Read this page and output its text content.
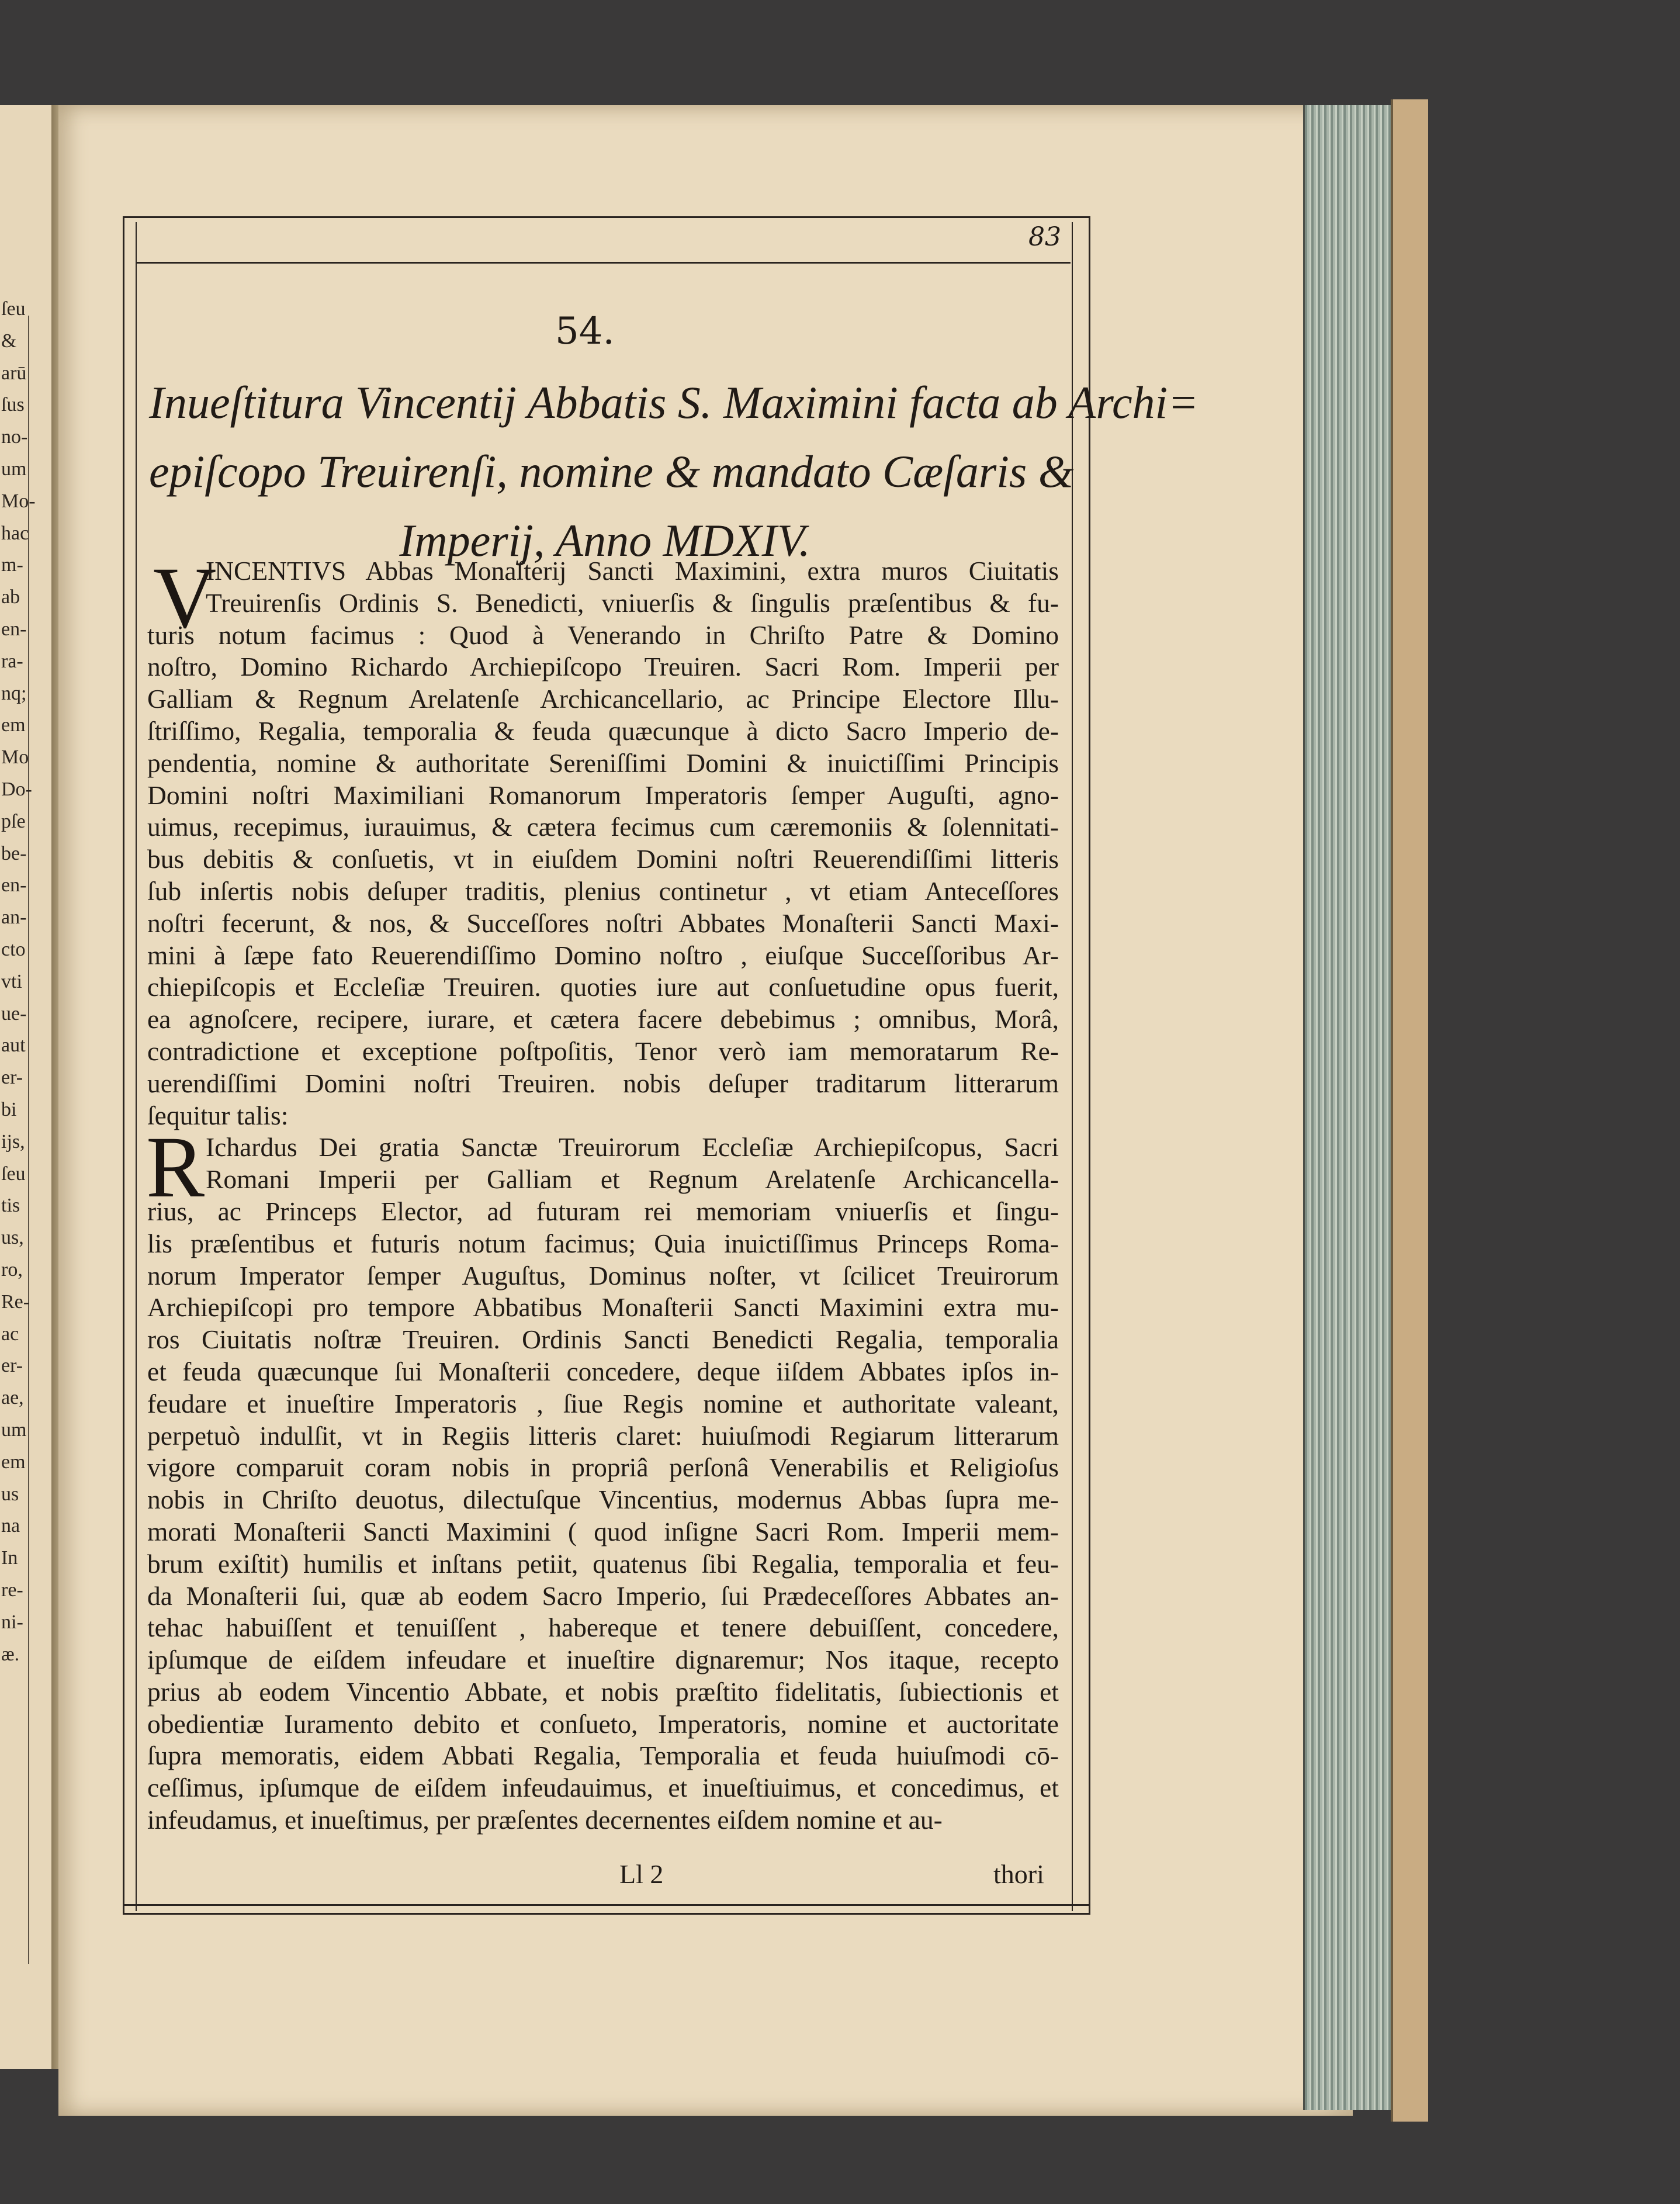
ſeu
&
arū
ſus
no-
um
Mo-
hac
m-
ab
en-
ra-
nq;
em
Mo
Do-
pſe
be-
en-
an-
cto
vti
ue-
aut
er-
bi
ijs,
ſeu
tis
us,
ro,
Re-
ac
er-
ae,
um
em
us
na
In
re-
ni-
æ.
83
54.
Inueſtitura Vincentij Abbatis S. Maximini facta ab Archi=
epiſcopo Treuirenſi, nomine & mandato Cæſaris &
Imperij, Anno MDXIV.
V
R
INCENTIVS Abbas Monaſterij Sancti Maximini, extra muros Ciuitatis
Treuirenſis Ordinis S. Benedicti, vniuerſis & ſingulis præſentibus & fu-
turis notum facimus : Quod à Venerando in Chriſto Patre & Domino
noſtro, Domino Richardo Archiepiſcopo Treuiren. Sacri Rom. Imperii per
Galliam & Regnum Arelatenſe Archicancellario, ac Principe Electore Illu-
ſtriſſimo, Regalia, temporalia & feuda quæcunque à dicto Sacro Imperio de-
pendentia, nomine & authoritate Sereniſſimi Domini & inuictiſſimi Principis
Domini noſtri Maximiliani Romanorum Imperatoris ſemper Auguſti, agno-
uimus, recepimus, iurauimus, & cætera fecimus cum cæremoniis & ſolennitati-
bus debitis & conſuetis, vt in eiuſdem Domini noſtri Reuerendiſſimi litteris
ſub inſertis nobis deſuper traditis, plenius continetur , vt etiam Anteceſſores
noſtri fecerunt, & nos, & Succeſſores noſtri Abbates Monaſterii Sancti Maxi-
mini à ſæpe fato Reuerendiſſimo Domino noſtro , eiuſque Succeſſoribus Ar-
chiepiſcopis et Eccleſiæ Treuiren. quoties iure aut conſuetudine opus fuerit,
ea agnoſcere, recipere, iurare, et cætera facere debebimus ; omnibus, Morâ,
contradictione et exceptione poſtpoſitis, Tenor verò iam memoratarum Re-
uerendiſſimi Domini noſtri Treuiren. nobis deſuper traditarum litterarum
ſequitur talis:
Ichardus Dei gratia Sanctæ Treuirorum Eccleſiæ Archiepiſcopus, Sacri
Romani Imperii per Galliam et Regnum Arelatenſe Archicancella-
rius, ac Princeps Elector, ad futuram rei memoriam vniuerſis et ſingu-
lis præſentibus et futuris notum facimus; Quia inuictiſſimus Princeps Roma-
norum Imperator ſemper Auguſtus, Dominus noſter, vt ſcilicet Treuirorum
Archiepiſcopi pro tempore Abbatibus Monaſterii Sancti Maximini extra mu-
ros Ciuitatis noſtræ Treuiren. Ordinis Sancti Benedicti Regalia, temporalia
et feuda quæcunque ſui Monaſterii concedere, deque iiſdem Abbates ipſos in-
feudare et inueſtire Imperatoris , ſiue Regis nomine et authoritate valeant,
perpetuò indulſit, vt in Regiis litteris claret: huiuſmodi Regiarum litterarum
vigore comparuit coram nobis in propriâ perſonâ Venerabilis et Religioſus
nobis in Chriſto deuotus, dilectuſque Vincentius, modernus Abbas ſupra me-
morati Monaſterii Sancti Maximini ( quod inſigne Sacri Rom. Imperii mem-
brum exiſtit) humilis et inſtans petiit, quatenus ſibi Regalia, temporalia et feu-
da Monaſterii ſui, quæ ab eodem Sacro Imperio, ſui Prædeceſſores Abbates an-
tehac habuiſſent et tenuiſſent , habereque et tenere debuiſſent, concedere,
ipſumque de eiſdem infeudare et inueſtire dignaremur; Nos itaque, recepto
prius ab eodem Vincentio Abbate, et nobis præſtito fidelitatis, ſubiectionis et
obedientiæ Iuramento debito et conſueto, Imperatoris, nomine et auctoritate
ſupra memoratis, eidem Abbati Regalia, Temporalia et feuda huiuſmodi cō-
ceſſimus, ipſumque de eiſdem infeudauimus, et inueſtiuimus, et concedimus, et
infeudamus, et inueſtimus, per præſentes decernentes eiſdem nomine et au-
Ll 2	thori
